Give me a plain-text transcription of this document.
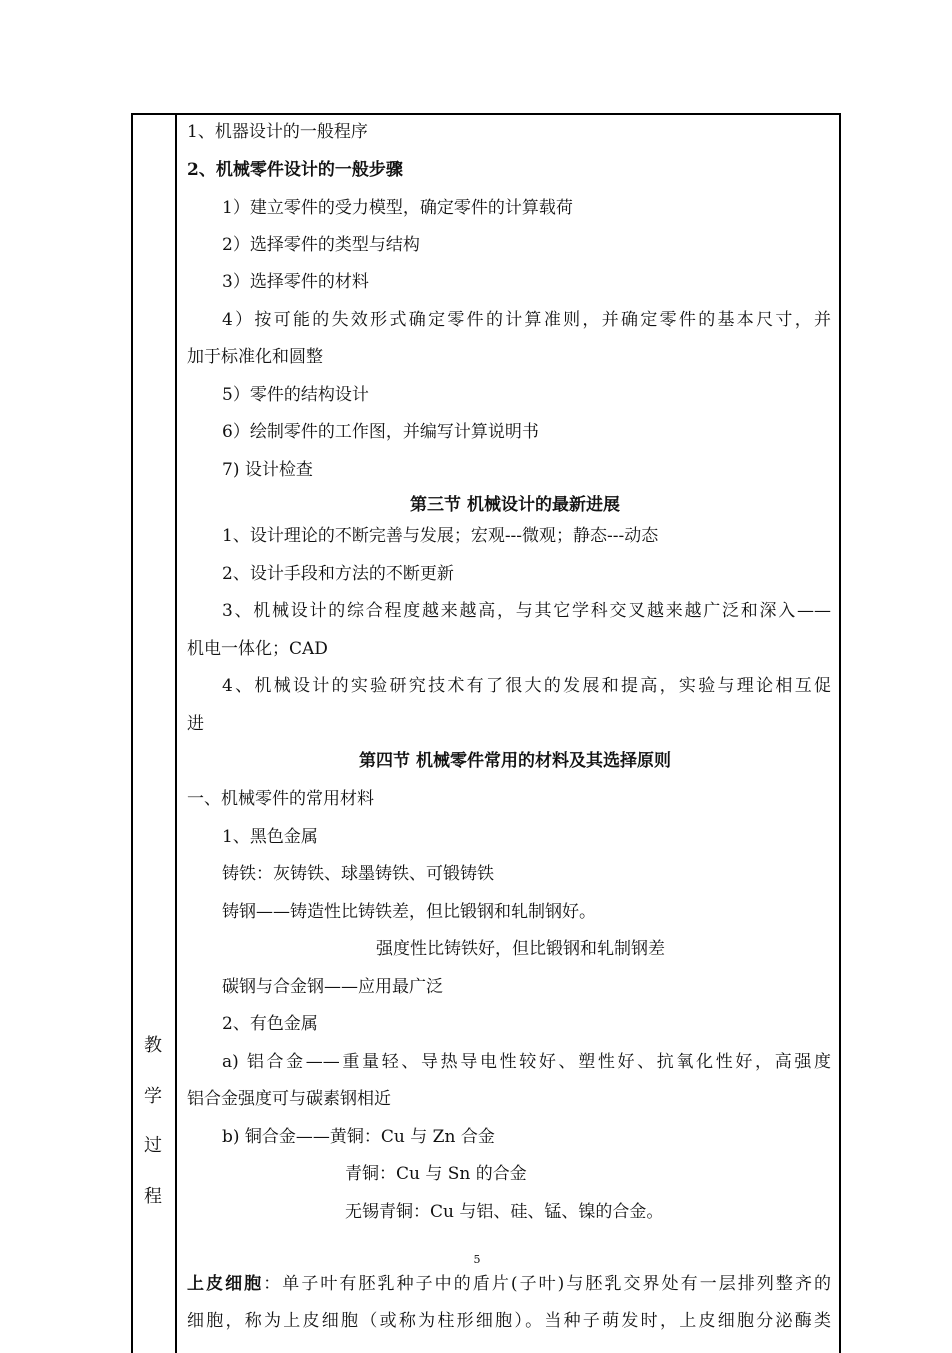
教
学
过
程
1、机器设计的一般程序
2、机械零件设计的一般步骤
1）建立零件的受力模型，确定零件的计算载荷
2）选择零件的类型与结构
3）选择零件的材料
4）按可能的失效形式确定零件的计算准则，并确定零件的基本尺寸，并
加于标准化和圆整
5）零件的结构设计
6）绘制零件的工作图，并编写计算说明书
7) 设计检查
第三节 机械设计的最新进展
1、设计理论的不断完善与发展；宏观---微观；静态---动态
2、设计手段和方法的不断更新
3、机械设计的综合程度越来越高，与其它学科交叉越来越广泛和深入——
机电一体化；CAD
4、机械设计的实验研究技术有了很大的发展和提高，实验与理论相互促
进
第四节 机械零件常用的材料及其选择原则
一、机械零件的常用材料
1、黑色金属
铸铁：灰铸铁、球墨铸铁、可锻铸铁
铸钢——铸造性比铸铁差，但比锻钢和轧制钢好。
强度性比铸铁好，但比锻钢和轧制钢差
碳钢与合金钢——应用最广泛
2、有色金属
a) 铝合金——重量轻、导热导电性较好、塑性好、抗氧化性好，高强度
铝合金强度可与碳素钢相近
b) 铜合金——黄铜：Cu 与 Zn 合金
青铜：Cu 与 Sn 的合金
无锡青铜：Cu 与铝、硅、锰、镍的合金。
5
上皮细胞：单子叶有胚乳种子中的盾片(子叶)与胚乳交界处有一层排列整齐的
细胞，称为上皮细胞（或称为柱形细胞）。当种子萌发时，上皮细胞分泌酶类
